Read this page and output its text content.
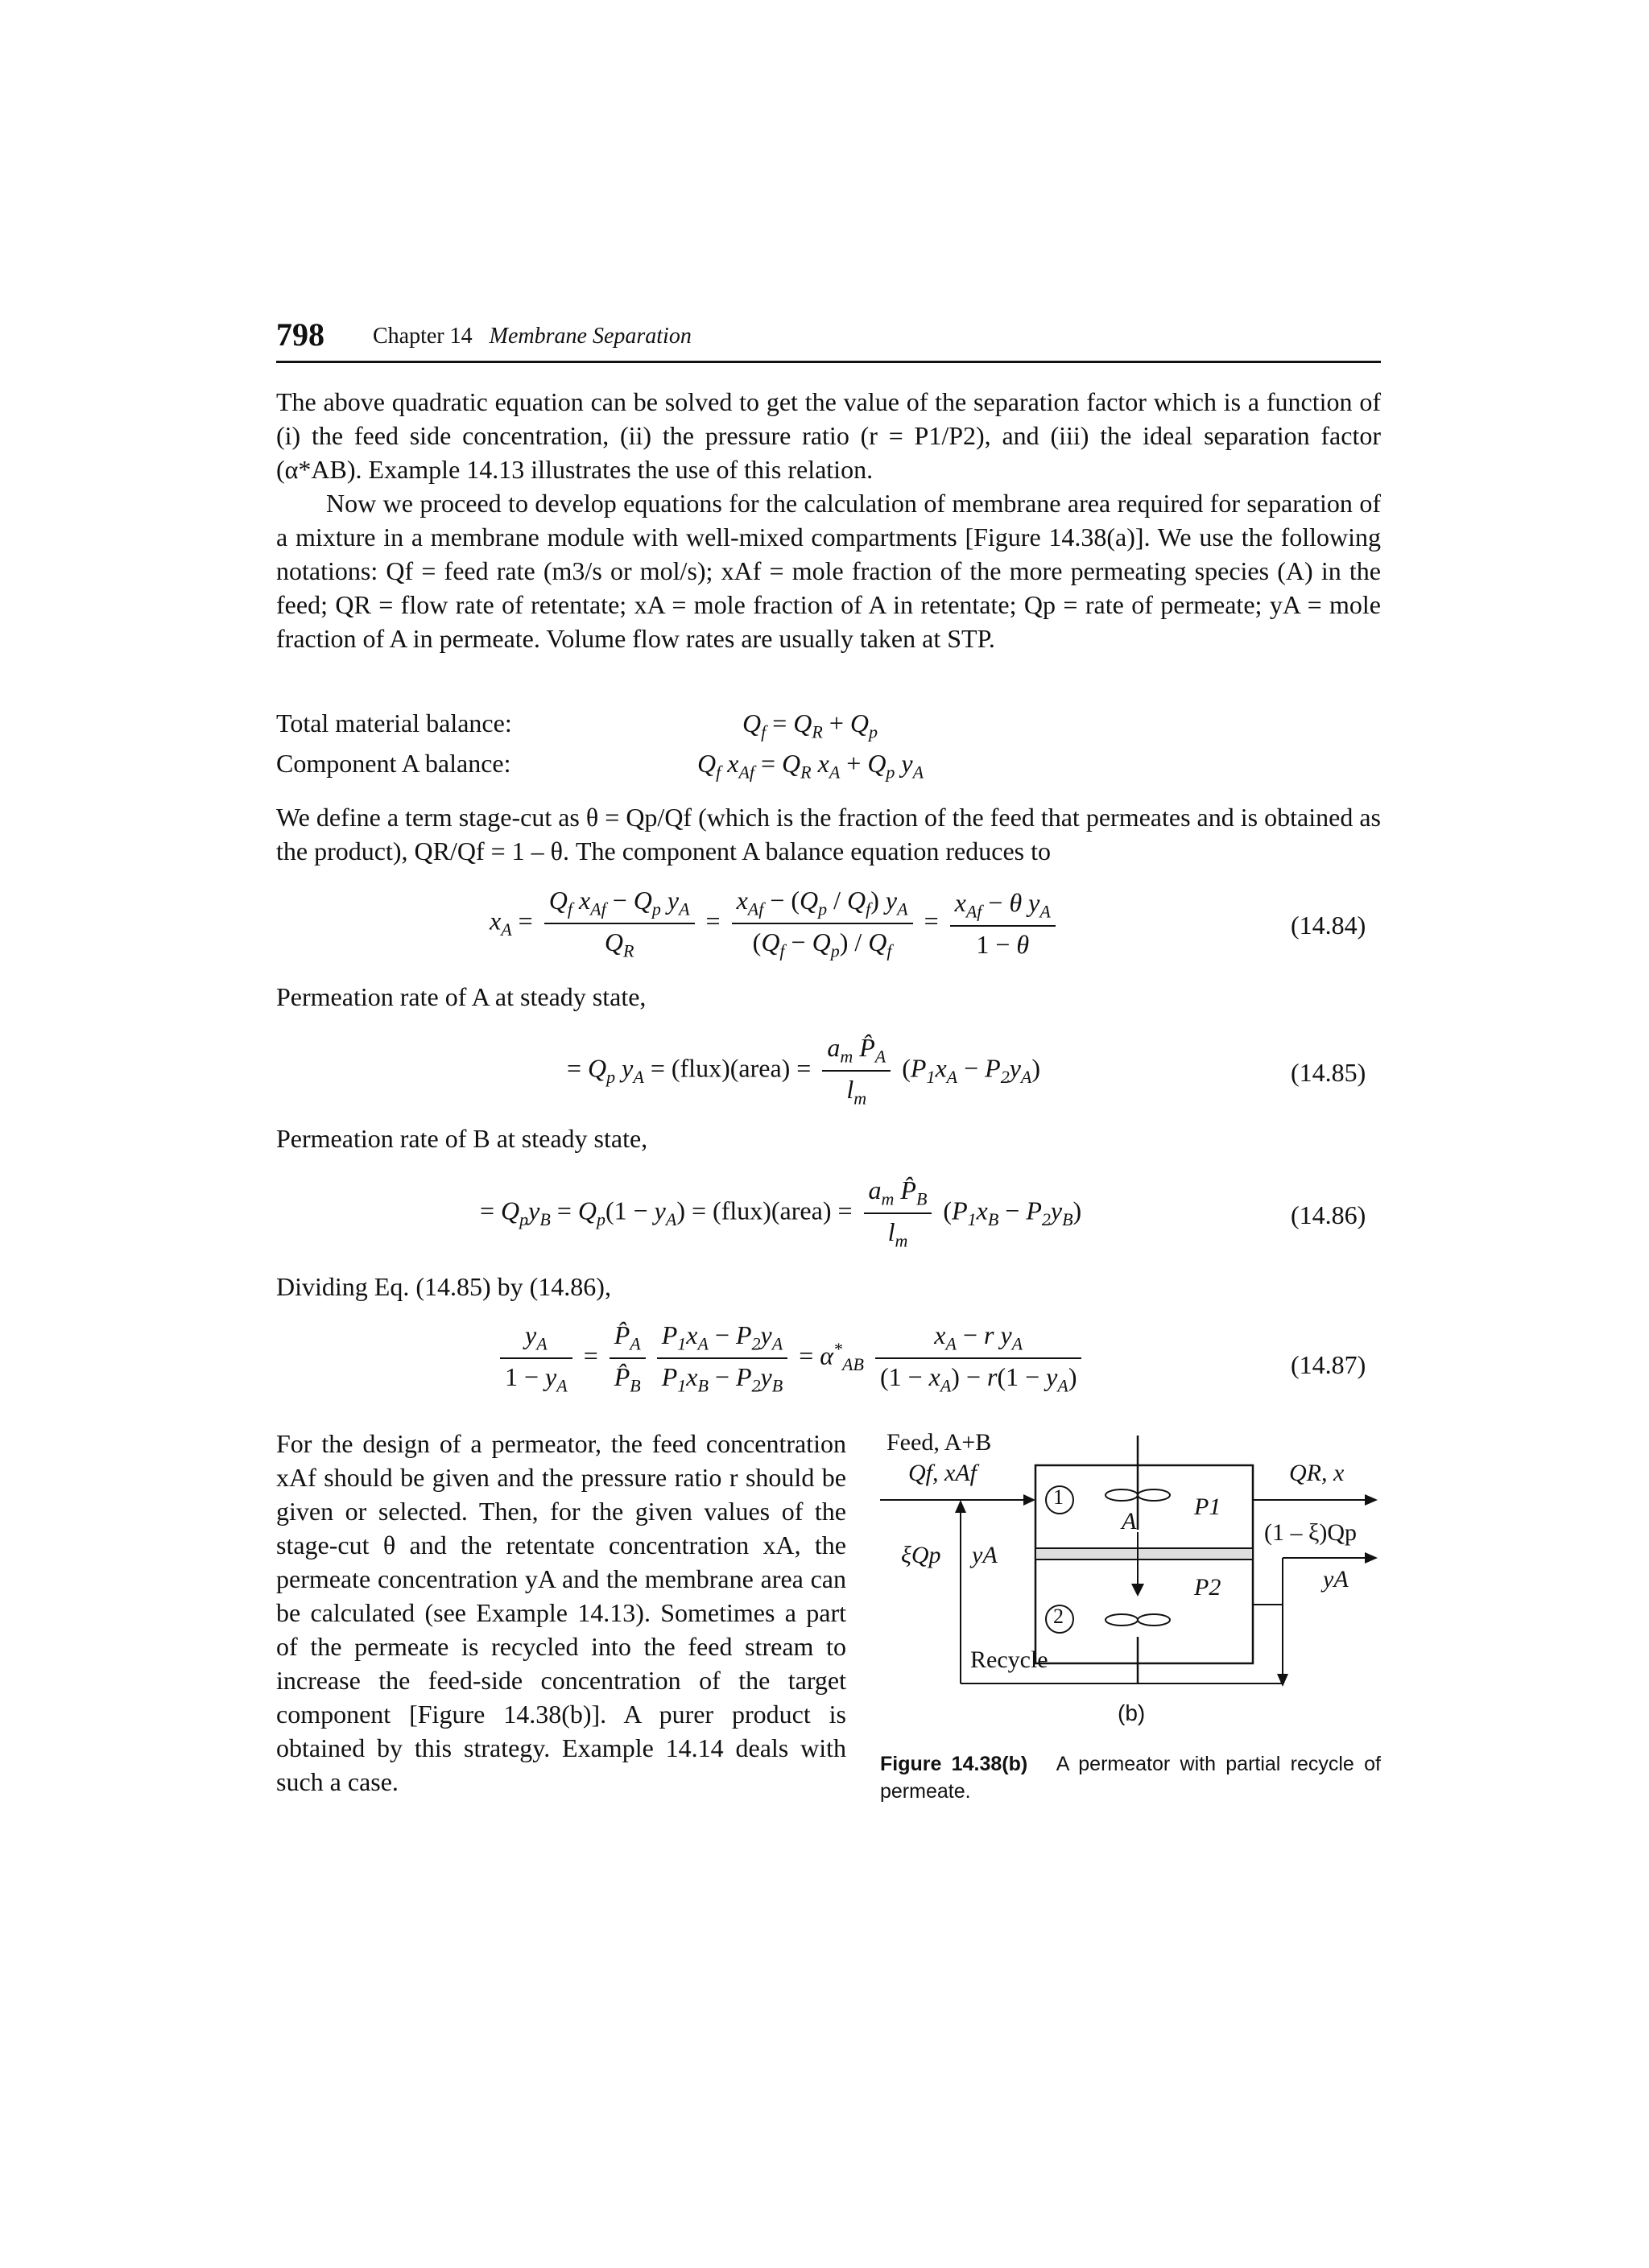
798 Chapter 14 Membrane Separation

The above quadratic equation can be solved to get the value of the separation factor which is a function of (i) the feed side concentration, (ii) the pressure ratio (r = P1/P2), and (iii) the ideal separation factor (α*AB). Example 14.13 illustrates the use of this relation.

Now we proceed to develop equations for the calculation of membrane area required for separation of a mixture in a membrane module with well-mixed compartments [Figure 14.38(a)]. We use the following notations: Qf = feed rate (m3/s or mol/s); xAf = mole fraction of the more permeating species (A) in the feed; QR = flow rate of retentate; xA = mole fraction of A in retentate; Qp = rate of permeate; yA = mole fraction of A in permeate. Volume flow rates are usually taken at STP.

Total material balance:	$Q_f = Q_R + Q_p$
Component A balance:	$Q_f$ $x_{Af} = Q_R$ $x_A + Q_p$ $y_A$

We define a term stage-cut as θ = Qp/Qf (which is the fraction of the feed that permeates and is obtained as the product), QR/Qf = 1 – θ. The component A balance equation reduces to

$x_A = \frac{Q_f x_{Af} - Q_p y_A}{Q_R} = \frac{x_{Af} - (Q_p / Q_f) y_A}{(Q_f - Q_p) / Q_f} = \frac{x_{Af} - \theta y_A}{1 - \theta}$	(14.84)
Permeation rate of A at steady state,
= $Q_p$ $y_A$ = (flux)(area) = $\frac{a_m P̂_A}{l_m} (P_1x_A - P_2y_A)$	(14.85)
Permeation rate of B at steady state,
= $Q_py_B = Q_p(1 - y_A)$ = (flux)(area) = $\frac{a_m P̂_B}{l_m} (P_1x_B - P_2y_B)$	(14.86)
Dividing Eq. (14.85) by (14.86),
$\frac{y_A}{1 - y_A} = \frac{P̂_A}{P̂_B}$
$\frac{P_1x_A - P_2y_A}{P_1x_B - P_2y_B} = \alpha^*_{AB} \frac{x_A - r y_A}{(1 - x_A) - r(1 - y_A)}$	(14.87)
For the design of a permeator, the feed concentration xAf should be given and the pressure ratio r should be given or selected. Then, for the given values of the stage-cut θ and the retentate concentration xA, the permeate concentration yA and the membrane area can be calculated (see Example 14.13). Sometimes a part of the permeate is recycled into the feed stream to increase the feed-side concentration of the target component [Figure 14.38(b)]. A purer product is obtained by this strategy. Example 14.14 deals with such a case.
Feed, A+B
Qf, xAf	QR, x
(1 – ξ)Qp
yA
ξQp yA
1
2
A
P1
P2
Recycle
(b)
Figure 14.38(b) A permeator with partial recycle of permeate.
